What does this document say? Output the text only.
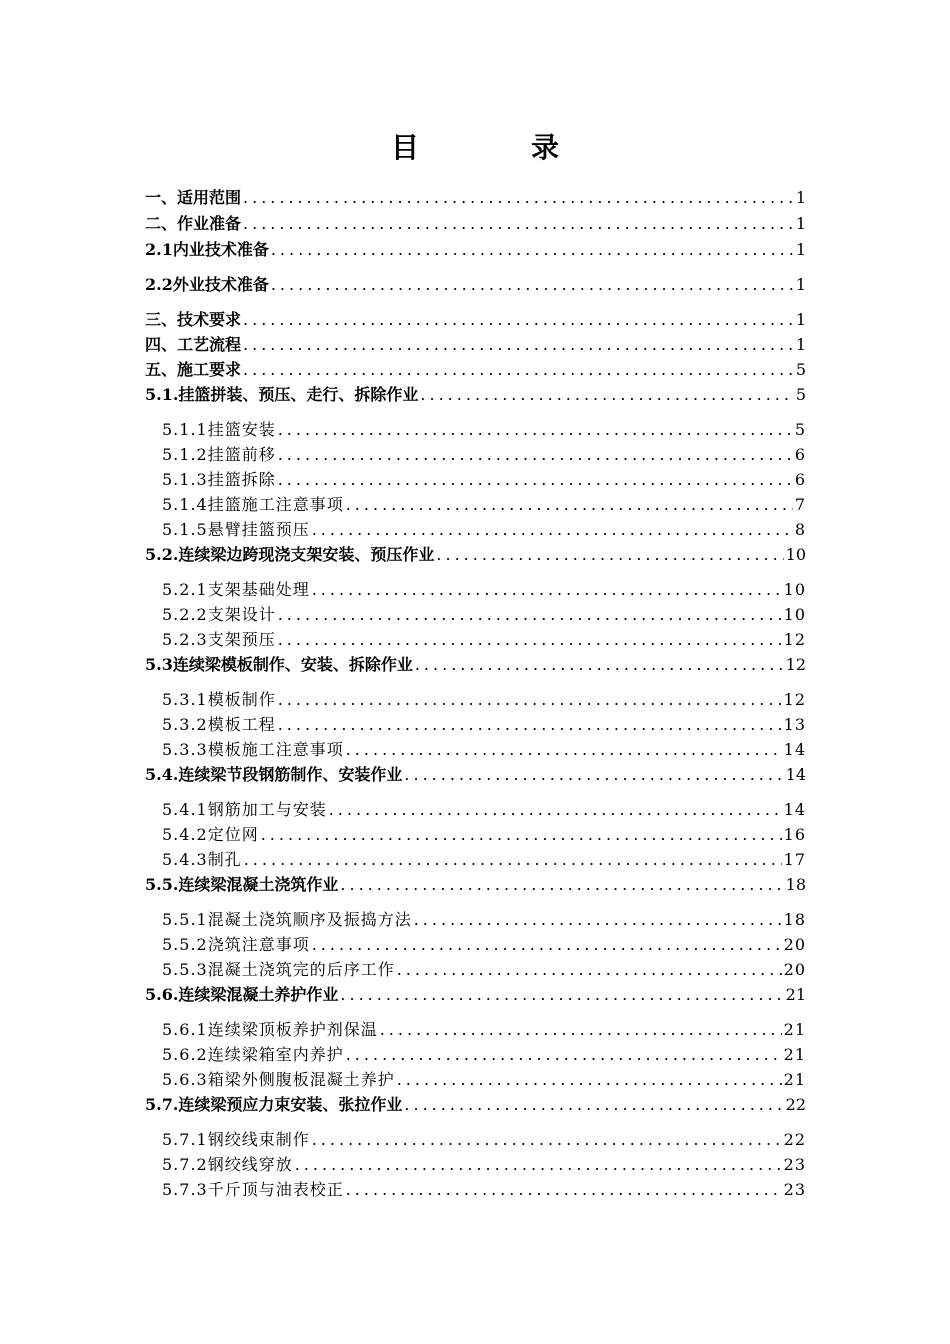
目　录
一、适用范围 .....	1
二、作业准备 .....	1
2.1内业技术准备 .....	1
2.2外业技术准备 .....	1
三、技术要求 .....	1
四、工艺流程 .....	1
五、施工要求 .....	5
5.1.挂篮拼装、预压、走行、拆除作业 .....	5
5.1.1挂篮安装 .....	5
5.1.2挂篮前移 .....	6
5.1.3挂篮拆除 .....	6
5.1.4挂篮施工注意事项 .....	7
5.1.5悬臂挂篮预压 .....	8
5.2.连续梁边跨现浇支架安装、预压作业 .....	10
5.2.1支架基础处理 .....	10
5.2.2支架设计 .....	10
5.2.3支架预压 .....	12
5.3连续梁模板制作、安装、拆除作业 .....	12
5.3.1模板制作 .....	12
5.3.2模板工程 .....	13
5.3.3模板施工注意事项 .....	14
5.4.连续梁节段钢筋制作、安装作业 .....	14
5.4.1钢筋加工与安装 .....	14
5.4.2定位网 .....	16
5.4.3制孔 .....	17
5.5.连续梁混凝土浇筑作业 .....	18
5.5.1混凝土浇筑顺序及振捣方法 .....	18
5.5.2浇筑注意事项 .....	20
5.5.3混凝土浇筑完的后序工作 .....	20
5.6.连续梁混凝土养护作业 .....	21
5.6.1连续梁顶板养护剂保温 .....	21
5.6.2连续梁箱室内养护 .....	21
5.6.3箱梁外侧腹板混凝土养护 .....	21
5.7.连续梁预应力束安装、张拉作业 .....	22
5.7.1钢绞线束制作 .....	22
5.7.2钢绞线穿放 .....	23
5.7.3千斤顶与油表校正 .....	23
